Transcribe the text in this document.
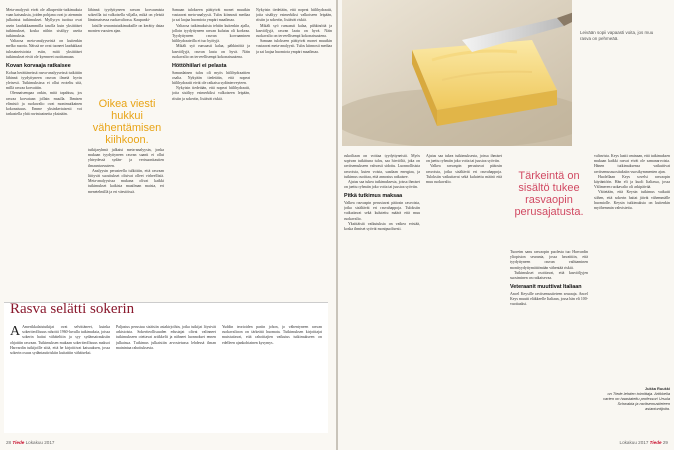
Meta-analyysit eivät ole alkuperäis-tutkimuksia vaan katsauksia, joiden pohjana ovat jo aiemmin julkaistut tutkimukset. Myllyryn tuottua ovat usein laadukkaammilla tasolla kuin yksittäiset tutkimukset, koska niihin sisältyy useita tutkimuksia.

Valtaosa meta-analyyseistä on kuitenkin melko nuoria. Näissä ne ovat tuoneet laadukkaat tulosaineistoista esiin, mitä yksittäiset tutkimukset eivät ole kyenneet osoittamaan.

Kovan korvaaja ratkaisee

Kohua herättäneissä rasva-analyyseissä tutkittiin lähinnä tyydyttyneen rasvan ilmeiä hyvin yleisesti. Tutkimuksissa ei ollut eroteltu sitä, millä rasvaa korvattiin.

Olennaisempaa onkin, mitä tapahtuu, jos rasvaa korvataan jollain muulla. Ihmisen elimistö ja ruokavalio ovat monimutkainen kokonaisuus. Emme yksinkertaisesti voi tarkastella yhtä ravintoainetta yksinään.

lähinnä tyydyttyneen rasvan korvaamista sokerilla tai valkoisella viljalla, mikä on yleistä länsimaisessa ruokavaliossa. Kaupunki-

laisille seurantatutkimuksille on kerätty dataa monien vuosien ajan.

Oikea viesti hukkui vähentämisen kiihkoon.

tutkijaryhmä julkaisi meta-analyysin, jonka mukaan tyydyttyneen rasvan saanti ei ollut yhteydessä sydän- ja verisuonitautien ilmaantuvuuteen.

Analyysin perusteella tulkittiin, että rasvaan liittyvät suositukset olisivat olleet virheellisiä. Meta-analyysissa mukana olivat kaikki tutkimukset kaikista maailman maista, eri menetelmillä ja eri väestöissä.

Samaan tulokseen päätyivät monet muutkin vastaavat meta-analyysit. Tulos kiinnosti mediaa ja sai laajaa huomiota ympäri maailmaa.

Valtaosa tutkimuksista tehtiin kuitenkin ajalla, jolloin tyydyttyneen rasvan kulutus oli korkeaa. Tyydyttyneen rasvan korvaaminen hiilihydraateilla ei tuo hyötyjä.

Mikäli syö runsaasti kalaa, pähkinöitä ja kasviöljyjä, rasvan laatu on hyvä. Näin ruokavalio on terveellisempi kokonaisuutena.

Höttöhiilari ei pelasta

Samanlainen tulos oli myös hiilihydraattien osalta. Nykyään tiedetään, että nopeat hiilihydraatit eivät ole ratkaisu sydänterveyteen.

Nykyisin tiedetään, että nopeat hiilihydraatit, joita sisältyy esimerkiksi valkoiseen leipään, riisiin ja sokeriin, lisäävät riskiä.

Nykyisin tiedetään, että nopeat hiilihydraatit, joita sisältyy esimerkiksi valkoiseen leipään, riisiin ja sokeriin, lisäävät riskiä.

Mikäli syö runsaasti kalaa, pähkinöitä ja kasviöljyjä, rasvan laatu on hyvä. Näin ruokavalio on terveellisempi kokonaisuutena.

Samaan tulokseen päätyivät monet muutkin vastaavat meta-analyysit. Tulos kiinnosti mediaa ja sai laajaa huomiota ympäri maailmaa.

Rasva selätti sokerin
A Amerikkalaistutkijat ovat selvittäneet, kuinka sokeriteollisuus rahoitti 1960-luvulla tutkimuksia, joissa sokerin haitat vähäteltiin ja syy sydänsairauksiin ohjattiin rasvaan. Tutkimuksen mukaan sokeriteollisuus maksoi Harvardin tutkijoille siitä, että he kirjoittivat katsauksen, jossa sokerin osuus sydäntautiriskiin kuitattiin vähäiseksi.

Paljastus perustuu sisäisiin asiakirjoihin, jotka tutkijat löysivät arkistoista. Sokeriteollisuuden edustajat olivat valinneet tutkimukseen otettavat artikkelit ja nähneet luonnokset ennen julkaisua. Tutkimus julkaistiin arvostetussa lehdessä ilman mainintaa rahoituksesta.

Yuddin teorioiden pariin johon, jo vähentyneen rasvan ruokavalioon on tärkeätä huomata. Tutkimuksen kirjoittajat muistuttavat, että rahoittajien vaikutus tutkimukseen on edelleen ajankohtainen kysymys.

28 Tiede Lokakuu 2017
Leivään sopii vapaasti voita, jos muu rasva on pehmeää.

rukoiltaan on voittaa tyydyttyneistä. Myös sopivan tutkittuna tulos, saa hirviöltä, joka on ravitsemukseen vahvasti sidottu. Luonnollisista rasvoista, kuten voista, saadaan energiaa, ja tutkimus osoittaa, että annostus ratkaisee.

Ajatus saa tukea tutkimuksesta, joissa ihmiset on jaettu ryhmiin joko voita tai juustoa syöviin.

Pitkä tutkimus maksaa

Valkea rasvaspin perustuvat pääosin rasvoista, jotka sisältävät eri rasvahappoja. Tuloksiin vaikuttavat sekä kulutettu määrä että muu ruokavalio.

Yksittäisiä vaikutuksia on vaikea eristää, koska ihmiset syövät monipuolisesti.

Ajatus saa tukea tutkimuksesta, joissa ihmiset on jaettu ryhmiin joko voita tai juustoa syöviin.

Valkea rasvaspin perustuvat pääosin rasvoista, jotka sisältävät eri rasvahappoja. Tuloksiin vaikuttavat sekä kulutettu määrä että muu ruokavalio.

Tärkeintä on sisältö tukee rasvaopin perusajatusta.

Tuoreim sanu rasvaopin puolesta tuo Harvardin yliopiston seuranta, jossa havaittiin, että tyydyttyneen rasvan vaihtaminen monityydyttymättömään vähentää riskiä.

Tutkimukset osoittavat, että kasviöljyjen suosiminen on ratkaisevaa.

Veteraanit muuttivat Italiaan

Ancel Keysille ravitsemustieteen seuraaja. Ancel Keys muutti eläkkeelle Italiaan, jossa hän eli 100-vuotiaaksi.

valtavista. Keys laatti ominaan, että tutkimuksen mukaan kaikki rasvat eivät ole samanarvoisia. Hänen tutkimuksensa vaikuttivat ravitsemussuosituksiin vuosikymmenten ajan.

Huolellaan Keys sovelsi rasvaopin käytäntöön. Hän eli ja kuoli Italiassa, jossa Välimeren ruokavalio oli arkipäivää.

Väitetään, että Keysin tutkimus vaikutti siihen, että sokerin haitat jäivät vähemmälle huomiolle. Keysin tutkimuksia on kuitenkin myöhemmin vahvistettu.

Jukka Ruukki
on Tiede-lehden toimittaja. Artikkelia varten on haastateltu professori Ursula Schwabia ja ravitsemustieteen asiantuntijoita.
Lokakuu 2017 Tiede 29
